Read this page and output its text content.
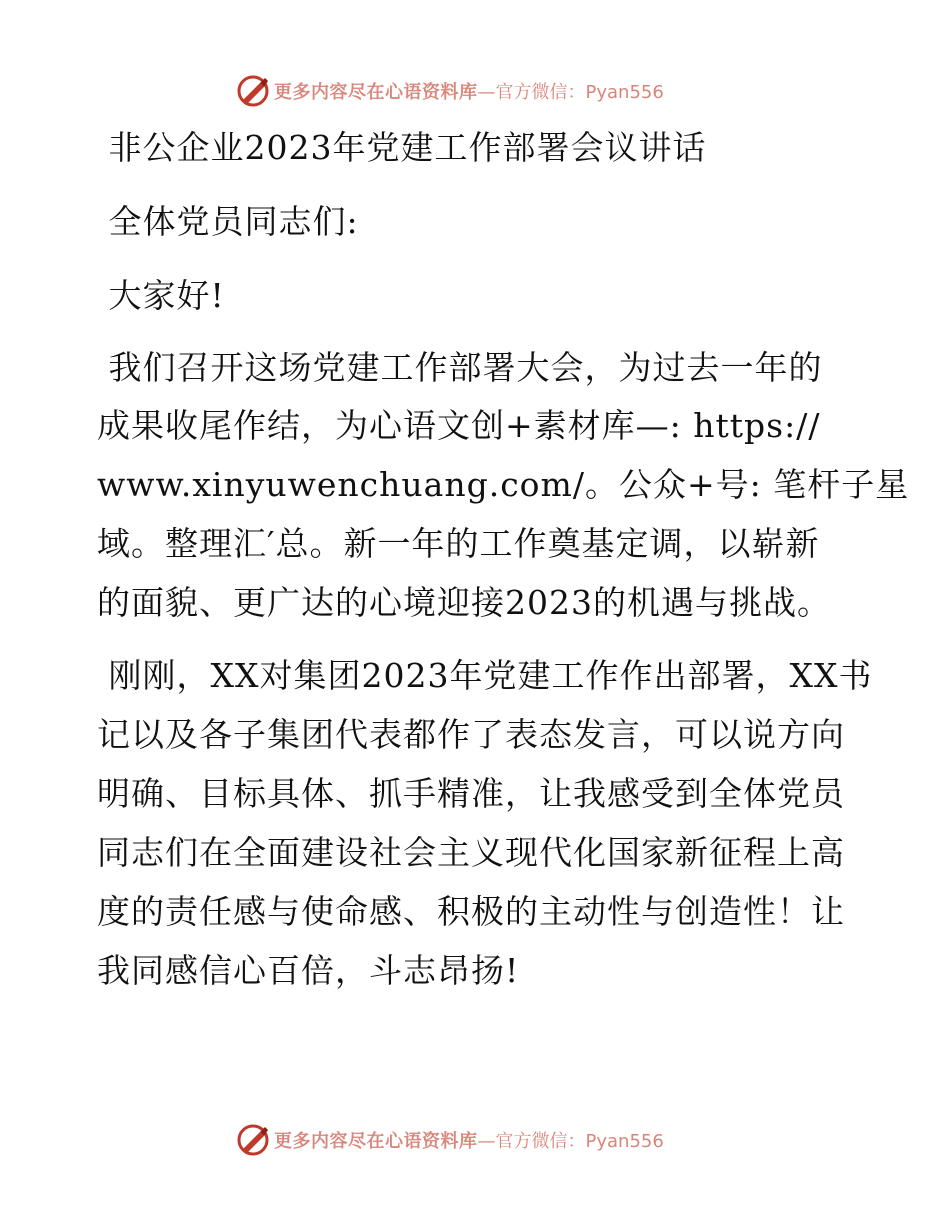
更多内容尽在心语资料库 —官方微信：Pyan556
非公企业2023年党建工作部署会议讲话
全体党员同志们:
大家好!
我们召开这场党建工作部署大会，为过去一年的
成果收尾作结，为心语文创+素材库—: https://
www.xinyuwenchuang.com/。公众+号: 笔杆子星
域。整理汇′总。新一年的工作奠基定调，以崭新
的面貌、更广达的心境迎接2023的机遇与挑战。
刚刚，XX对集团2023年党建工作作出部署，XX书
记以及各子集团代表都作了表态发言，可以说方向
明确、目标具体、抓手精准，让我感受到全体党员
同志们在全面建设社会主义现代化国家新征程上高
度的责任感与使命感、积极的主动性与创造性！让
我同感信心百倍，斗志昂扬!
更多内容尽在心语资料库 —官方微信：Pyan556
